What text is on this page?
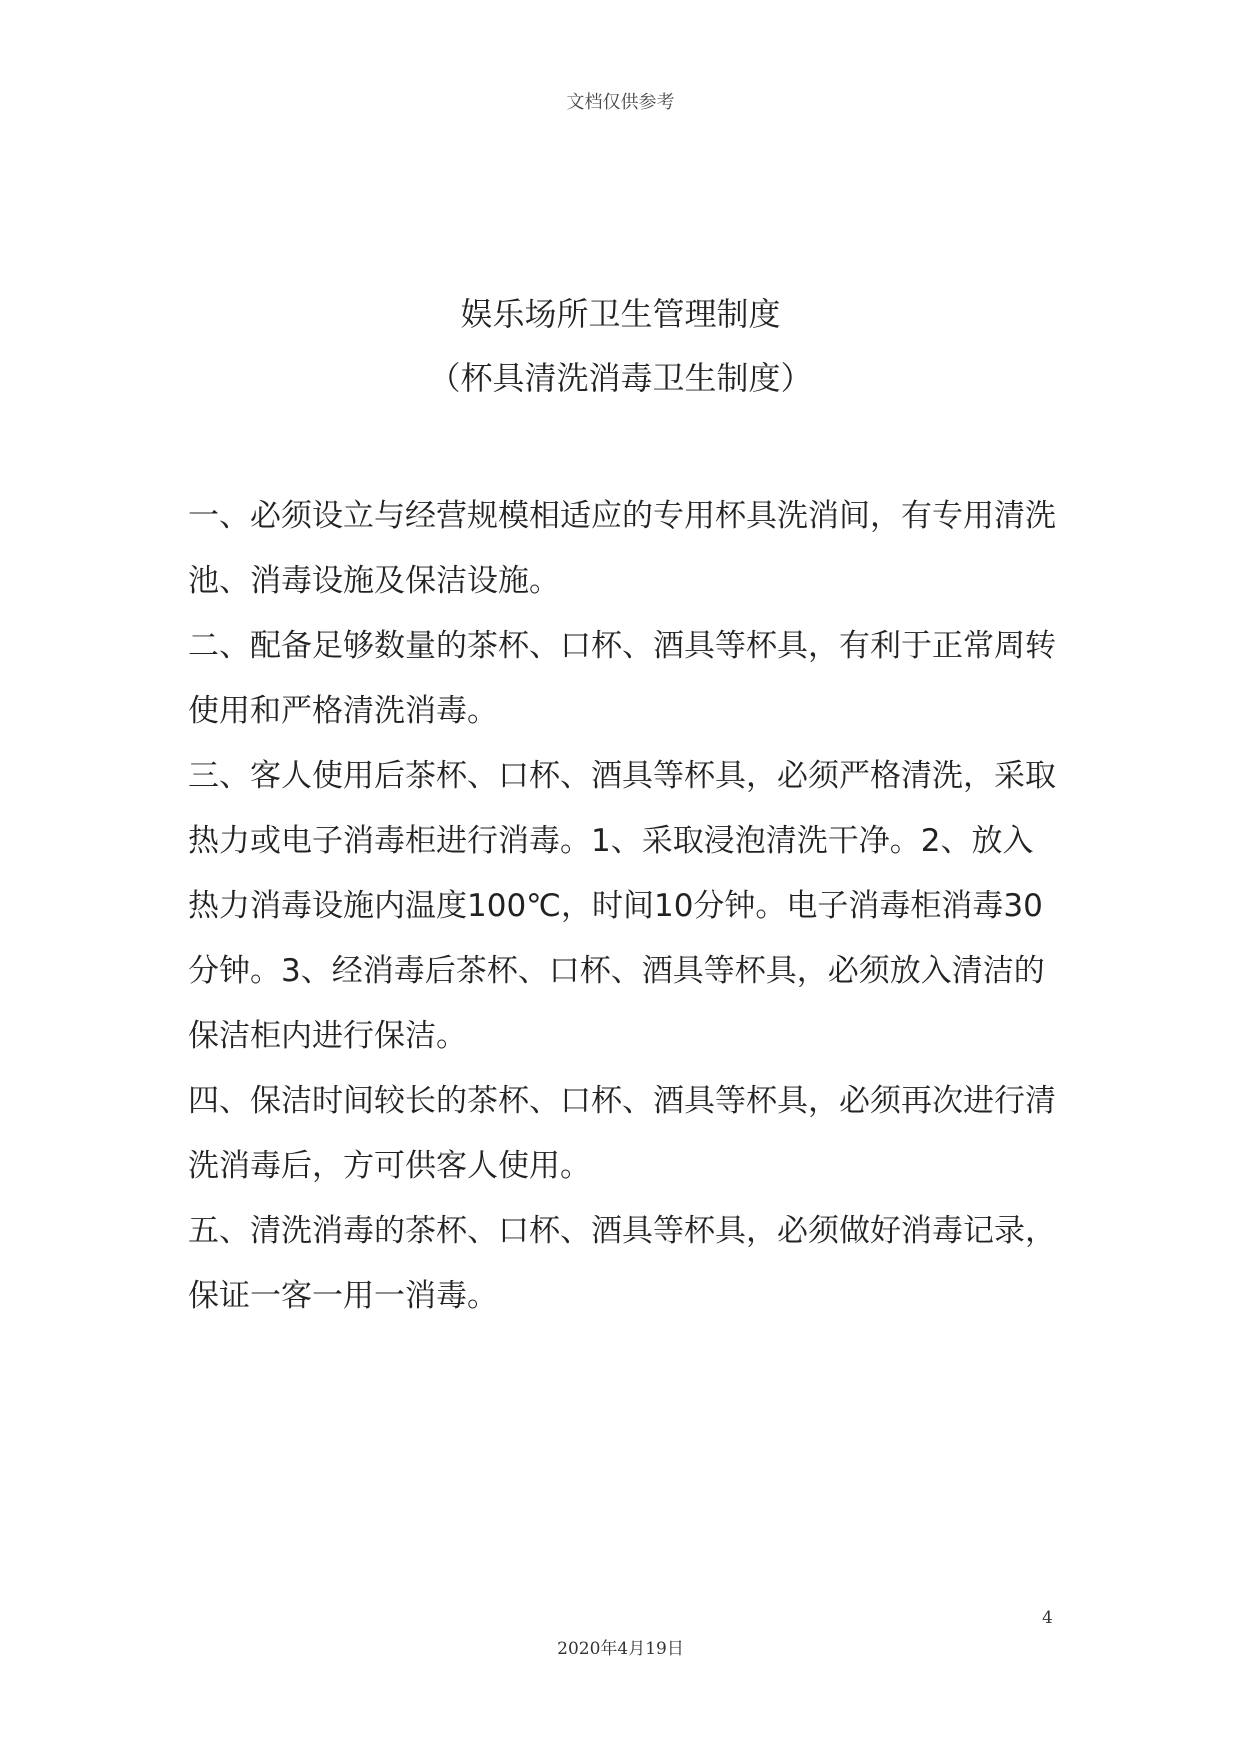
文档仅供参考
娱乐场所卫生管理制度
（杯具清洗消毒卫生制度）

一、必须设立与经营规模相适应的专用杯具洗消间，有专用清洗池、消毒设施及保洁设施。

二、配备足够数量的茶杯、口杯、酒具等杯具，有利于正常周转使用和严格清洗消毒。

三、客人使用后茶杯、口杯、酒具等杯具，必须严格清洗，采取热力或电子消毒柜进行消毒。1、采取浸泡清洗干净。2、放入热力消毒设施内温度100℃，时间10分钟。电子消毒柜消毒30分钟。3、经消毒后茶杯、口杯、酒具等杯具，必须放入清洁的保洁柜内进行保洁。

四、保洁时间较长的茶杯、口杯、酒具等杯具，必须再次进行清洗消毒后，方可供客人使用。

五、清洗消毒的茶杯、口杯、酒具等杯具，必须做好消毒记录，保证一客一用一消毒。

4
2020年4月19日
